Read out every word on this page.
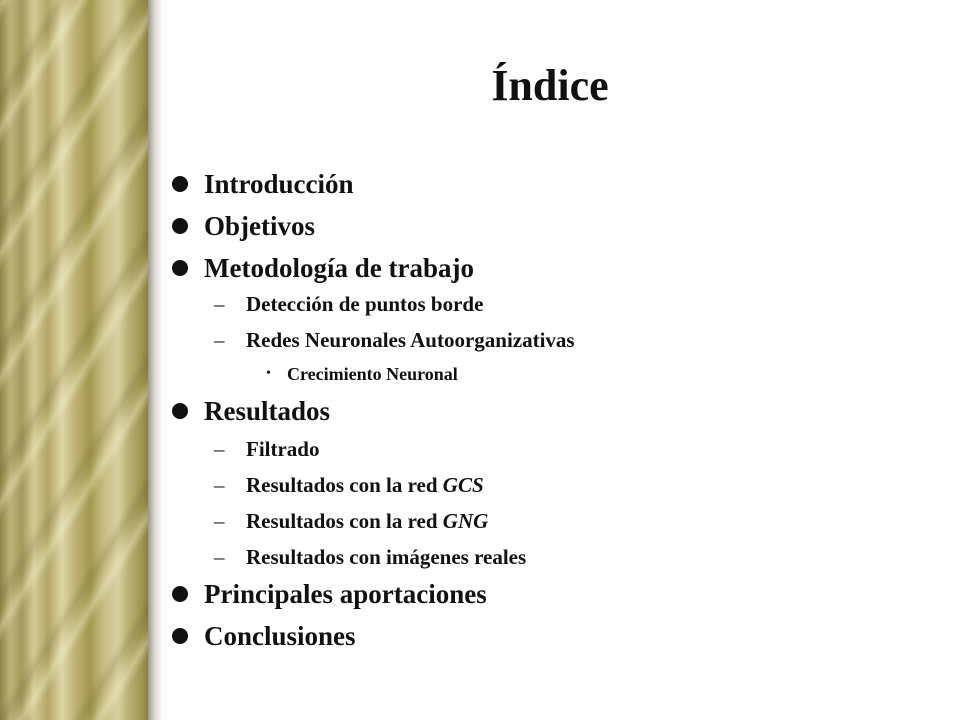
Índice
Introducción
Objetivos
Metodología de trabajo
– Detección de puntos borde
– Redes Neuronales Autoorganizativas
• Crecimiento Neuronal
Resultados
– Filtrado
– Resultados con la red GCS
– Resultados con la red GNG
– Resultados con imágenes reales
Principales aportaciones
Conclusiones
